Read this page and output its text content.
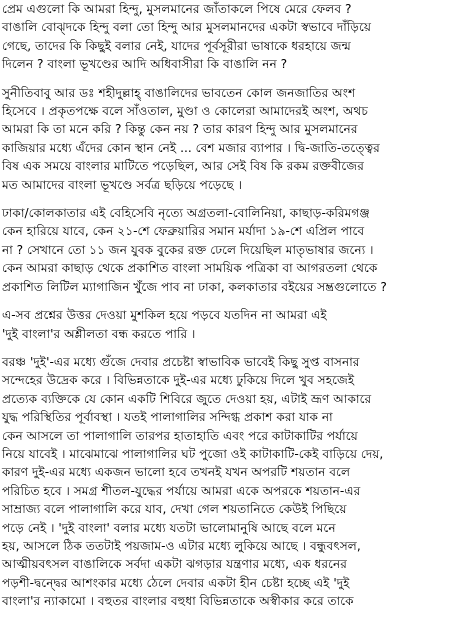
প্রেম এগুলো কি আমরা হিন্দু, মুসলমানের জাঁতাকলে পিষে মেরে ফেলব ?
বাঙালি বোঝ্দকে হিন্দু বলা তো হিন্দু আর মুসলমানদের একটা স্বভাবে দাঁড়িয়ে
গেছে, তাদের কি কিছুই বলার নেই, যাদের পূর্বসূরীরা ভাষাকে ধরহায়ে জন্ম
দিলেন ? বাংলা ভূখণ্ডের আদি অধিবাসীরা কি বাঙালি নন ?

সুনীতিবাবু আর ডঃ শহীদুল্লাহ্ বাঙালিদের ভাবতেন কোল জনজাতির অংশ
হিসেবে । প্রকৃতপক্ষে বলে সাঁওতাল, মুণ্ডা ও কোলেরা আমাদেরই অংশ, অথচ
আমরা কি তা মনে করি ? কিন্তু কেন নয় ? তার কারণ হিন্দু আর মুসলমানের
কাজিয়ার মধ্যে এঁদের কোন স্থান নেই ... বেশ মজার ব্যাপার । দ্বি-জাতি-তত্ত্বের
বিষ এক সময়ে বাংলার মাটিতে পড়েছিল, আর সেই বিষ কি রকম রক্তবীজের
মত আমাদের বাংলা ভূখণ্ডে সর্বত্র ছড়িয়ে পড়েছে ।

ঢাকা/কোলকাতার এই বেহিসেবি নৃত্যে অগ্রতলা-বোলিনিয়া, কাছাড়-করিমগঞ্জ
কেন হারিয়ে যাবে, কেন ২১-শে ফেব্রুয়ারির সমান মর্যাদা ১৯-শে এপ্রিল পাবে
না ? সেখানে তো ১১ জন যুবক বুকের রক্ত ঢেলে দিয়েছিল মাতৃভাষার জন্যে ।
কেন আমরা কাছাড় থেকে প্রকাশিত বাংলা সাময়িক পত্রিকা বা আগরতলা থেকে
প্রকাশিত লিটিল ম্যাগাজিন খুঁজে পাব না ঢাকা, কলকাতার বইয়ের সম্ভ্রগুলোতে ?

এ-সব প্রশ্নের উত্তর দেওয়া মুশকিল হয়ে পড়বে যতদিন না আমরা এই
'দুই বাংলা'র অশ্লীলতা বন্ধ করতে পারি ।

বরঞ্চ 'দুই'-এর মধ্যে গুঁজে দেবার প্রচেষ্টা স্বাভাবিক ভাবেই কিছু সুপ্ত বাসনার
সন্দেহের উদ্রেক করে । বিভিন্নতাকে দুই-এর মধ্যে ঢুকিয়ে দিলে খুব সহজেই
প্রত্যেক ব্যক্তিকে যে কোন একটি শিবিরে জুতে দেওয়া হয়, এটাই ভ্রূণ আকারে
যুদ্ধ পরিস্থিতির পূর্বাবস্থা । যতই পালাগালির সন্দিগ্ধ প্রকাশ করা যাক না
কেন আসলে তা পালাগালি তারপর হাতাহাতি এবং পরে কাটাকাটির পর্যায়ে
নিয়ে যাবেই । মাঝেমাঝে পালাগালির ঘট পুজো ওই কাটাকাটি-কেই বাড়িয়ে দেয়,
কারণ দুই-এর মধ্যে একজন ভালো হবে তখনই যখন অপরটি শয়তান বলে
পরিচিত হবে । সমগ্র শীতল-যুদ্ধের পর্যায়ে আমরা একে অপরকে শয়তান-এর
সাম্রাজ্য বলে পালাগালি করে যাব, দেখা গেল শয়তানিতে কেউই পিছিয়ে
পড়ে নেই । 'দুই বাংলা' বলার মধ্যে যতটা ভালোমানুষি আছে বলে মনে
হয়, আসলে ঠিক ততটাই পয়জাম-ও এটার মধ্যে লুকিয়ে আছে । বন্ধুবৎসল,
আত্মীয়বৎসল বাঙালিকে সর্বদা একটা ঝগড়ার যন্ত্রণার মধ্যে, এক ধরনের
পড়শী-দ্বন্দ্বের আশংকার মধ্যে ঠেলে দেবার একটা হীন চেষ্টা হচ্ছে এই 'দুই
বাংলা'র ন্যাকামো । বহুতর বাংলার বহুধা বিভিন্নতাকে অস্বীকার করে তাকে
